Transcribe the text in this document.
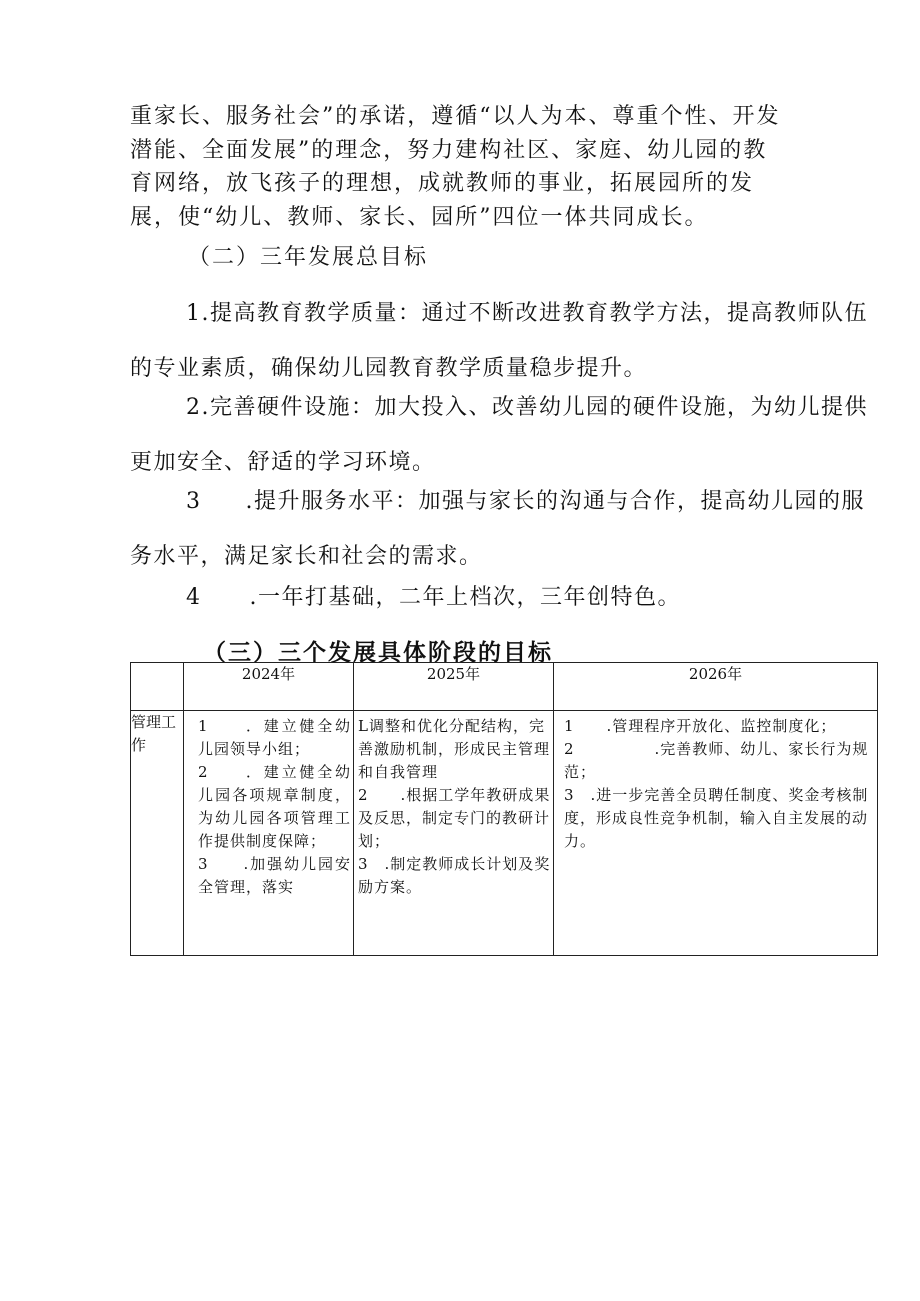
重家长、服务社会”的承诺，遵循“以人为本、尊重个性、开发潜能、全面发展”的理念，努力建构社区、家庭、幼儿园的教育网络，放飞孩子的理想，成就教师的事业，拓展园所的发展，使“幼儿、教师、家长、园所”四位一体共同成长。

（二）三年发展总目标

1.提高教育教学质量：通过不断改进教育教学方法，提高教师队伍的专业素质，确保幼儿园教育教学质量稳步提升。
2.完善硬件设施：加大投入、改善幼儿园的硬件设施，为幼儿提供更加安全、舒适的学习环境。
3 .提升服务水平：加强与家长的沟通与合作，提高幼儿园的服务水平，满足家长和社会的需求。
4 .一年打基础，二年上档次，三年创特色。

（三）三个发展具体阶段的目标

	2024年	2025年	2026年
管理工作	1　　．建立健全幼儿园领导小组；
2　　．建立健全幼儿园各项规章制度，为幼儿园各项管理工作提供制度保障；
3　　.加强幼儿园安全管理，落实	L调整和优化分配结构，完善激励机制，形成民主管理和自我管理
2　　.根据工学年教研成果及反思，制定专门的教研计划；
3　.制定教师成长计划及奖励方案。	1　　.管理程序开放化、监控制度化；
2　　　　　.完善教师、幼儿、家长行为规范；
3　.进一步完善全员聘任制度、奖金考核制度，形成良性竞争机制，输入自主发展的动力。
